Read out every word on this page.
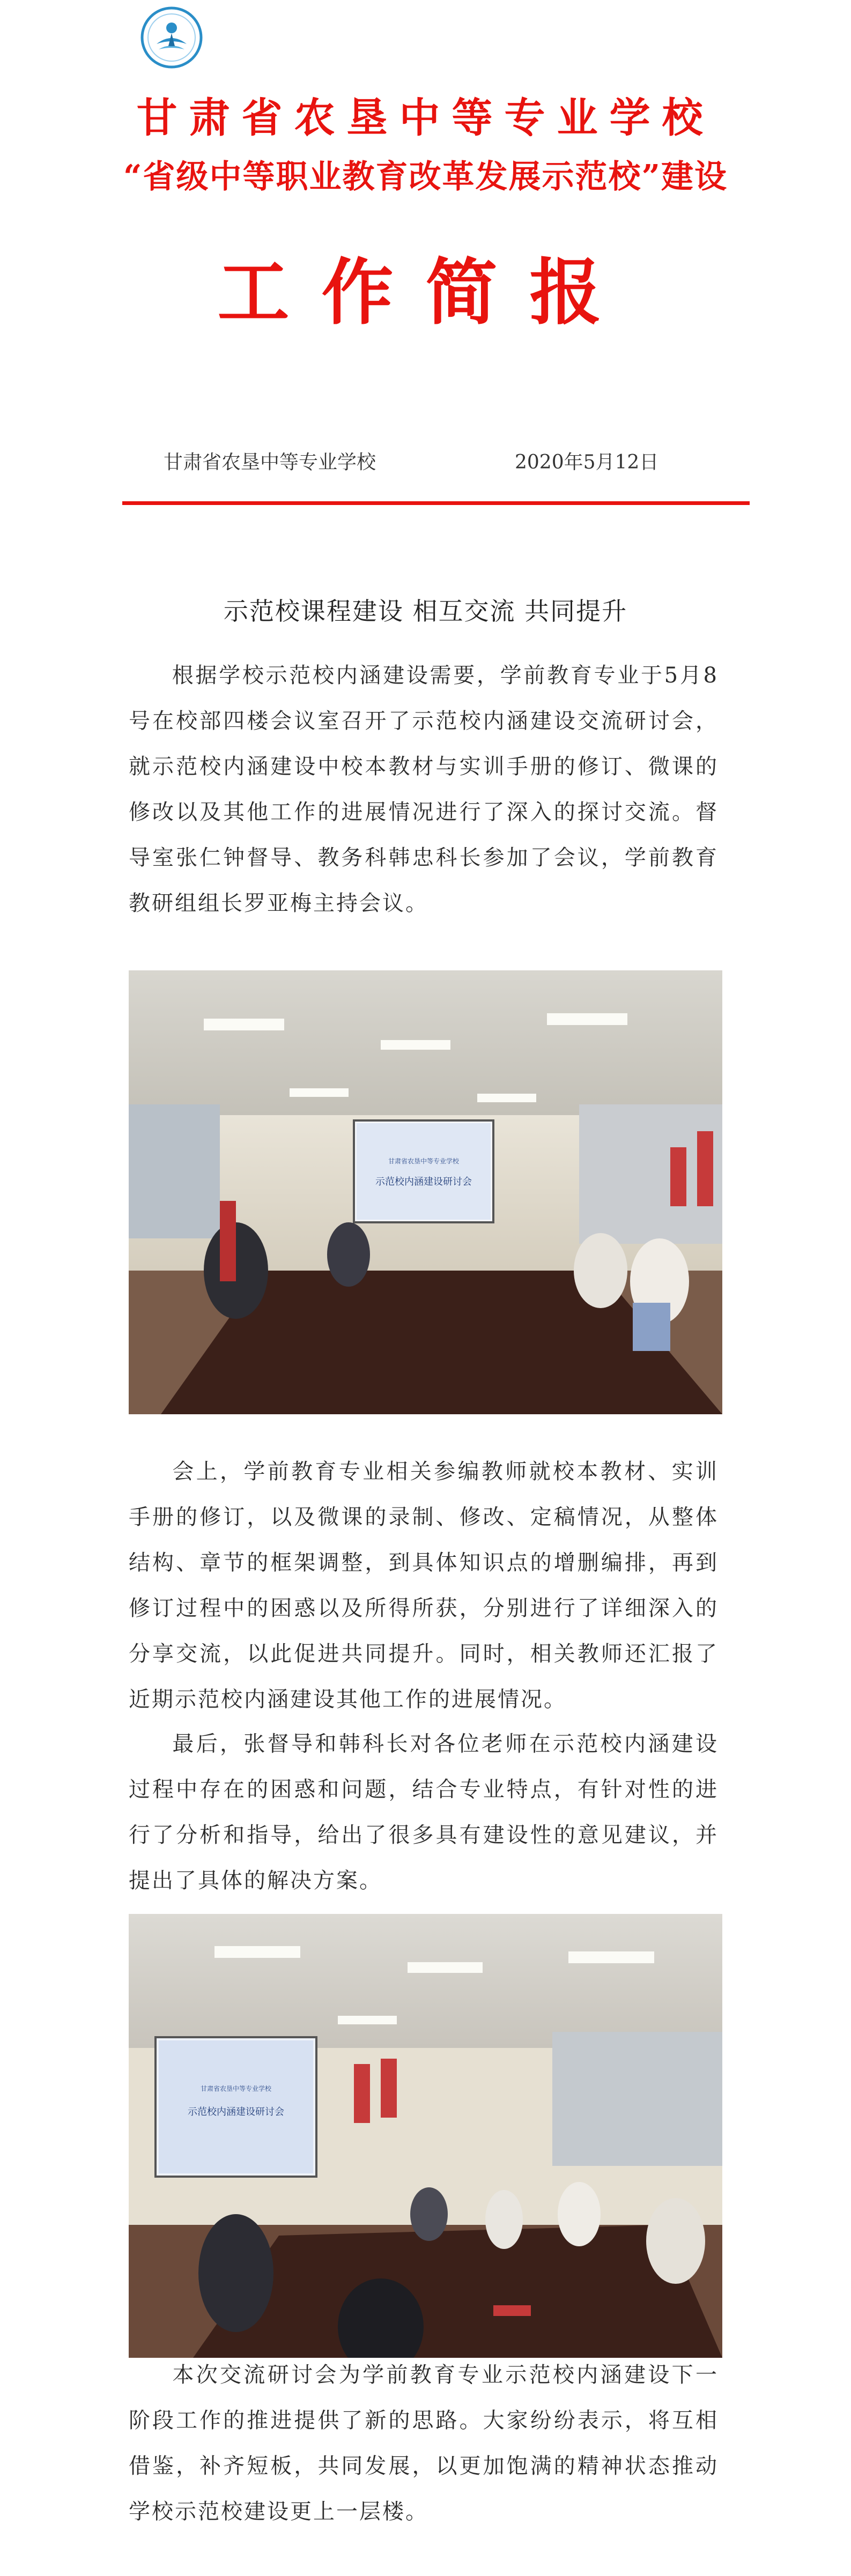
甘肃省农垦中等专业学校
“省级中等职业教育改革发展示范校”建设
工作简报
甘肃省农垦中等专业学校	2020年5月12日
示范校课程建设 相互交流 共同提升

根据学校示范校内涵建设需要，学前教育专业于5月8号在校部四楼会议室召开了示范校内涵建设交流研讨会，就示范校内涵建设中校本教材与实训手册的修订、微课的修改以及其他工作的进展情况进行了深入的探讨交流。督导室张仁钟督导、教务科韩忠科长参加了会议，学前教育教研组组长罗亚梅主持会议。

甘肃省农垦中等专业学校
示范校内涵建设研讨会

会上，学前教育专业相关参编教师就校本教材、实训手册的修订，以及微课的录制、修改、定稿情况，从整体结构、章节的框架调整，到具体知识点的增删编排，再到修订过程中的困惑以及所得所获，分别进行了详细深入的分享交流，以此促进共同提升。同时，相关教师还汇报了近期示范校内涵建设其他工作的进展情况。

最后，张督导和韩科长对各位老师在示范校内涵建设过程中存在的困惑和问题，结合专业特点，有针对性的进行了分析和指导，给出了很多具有建设性的意见建议，并提出了具体的解决方案。

甘肃省农垦中等专业学校
示范校内涵建设研讨会

本次交流研讨会为学前教育专业示范校内涵建设下一阶段工作的推进提供了新的思路。大家纷纷表示，将互相借鉴，补齐短板，共同发展，以更加饱满的精神状态推动学校示范校建设更上一层楼。
